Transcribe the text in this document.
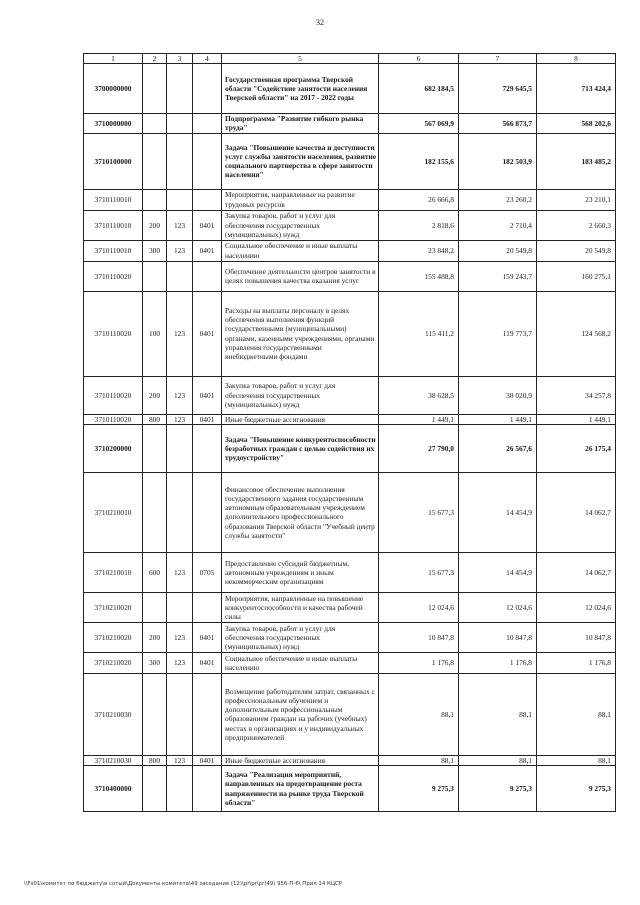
32
1	2	3	4	5	6	7	8
3700000000				Государственная программа Тверской области "Содействие занятости населения Тверской области" на 2017 - 2022 годы	682 184,5	729 645,5	713 424,4
3710000000				Подпрограмма "Развитие гибкого рынка труда"	567 069,9	566 873,7	568 202,6
3710100000				Задача "Повышение качества и доступности услуг службы занятости населения, развитие социального партнерства в сфере занятости населения"	182 155,6	182 503,9	183 485,2
3710110010				Мероприятия, направленные на развитие трудовых ресурсов	26 666,8	23 260,2	23 210,1
3710110010	200	123	0401	Закупка товаров, работ и услуг для обеспечения государственных (муниципальных) нужд	2 818,6	2 710,4	2 660,3
3710110010	300	123	0401	Социальное обеспечение и иные выплаты населению	23 848,2	20 549,8	20 549,8
3710110020				Обеспечение деятельности центров занятости в целях повышения качества оказания услуг	155 488,8	159 243,7	160 275,1
3710110020	100	123	0401	Расходы на выплаты персоналу в целях обеспечения выполнения функций государственными (муниципальными) органами, казенными учреждениями, органами управления государственными внебюджетными фондами	115 411,2	119 773,7	124 568,2
3710110020	200	123	0401	Закупка товаров, работ и услуг для обеспечения государственных (муниципальных) нужд	38 628,5	38 020,9	34 257,8
3710110020	800	123	0401	Иные бюджетные ассигнования	1 449,1	1 449,1	1 449,1
3710200000				Задача "Повышение конкурентоспособности безработных граждан с целью содействия их трудоустройству"	27 790,0	26 567,6	26 175,4
3710210010				Финансовое обеспечение выполнения государственного задания государственным автономным образовательным учреждением дополнительного профессионального образования Тверской области "Учебный центр службы занятости"	15 677,3	14 454,9	14 062,7
3710210010	600	123	0705	Предоставление субсидий бюджетным, автономным учреждениям и иным некоммерческим организациям	15 677,3	14 454,9	14 062,7
3710210020				Мероприятия, направленные на повышение конкурентоспособности и качества рабочей силы	12 024,6	12 024,6	12 024,6
3710210020	200	123	0401	Закупка товаров, работ и услуг для обеспечения государственных (муниципальных) нужд	10 847,8	10 847,8	10 847,8
3710210020	300	123	0401	Социальное обеспечение и иные выплаты населению	1 176,8	1 176,8	1 176,8
3710210030				Возмещение работодателям затрат, связанных с профессиональным обучением и дополнительным профессиональным образованием граждан на рабочих (учебных) местах в организациях и у индивидуальных предпринимателей	88,1	88,1	88,1
3710210030	800	123	0401	Иные бюджетные ассигнования	88,1	88,1	88,1
3710400000				Задача "Реализация мероприятий, направленных на предотвращение роста напряженности на рынке труда Тверской области"	9 275,3	9 275,3	9 275,3
\\Fs01\комитет по бюджету\в сотый\Документы комитета\49 заседание (12)\pr\pr\pr(49) 956-П-6\ Прил 14 КЦСР
